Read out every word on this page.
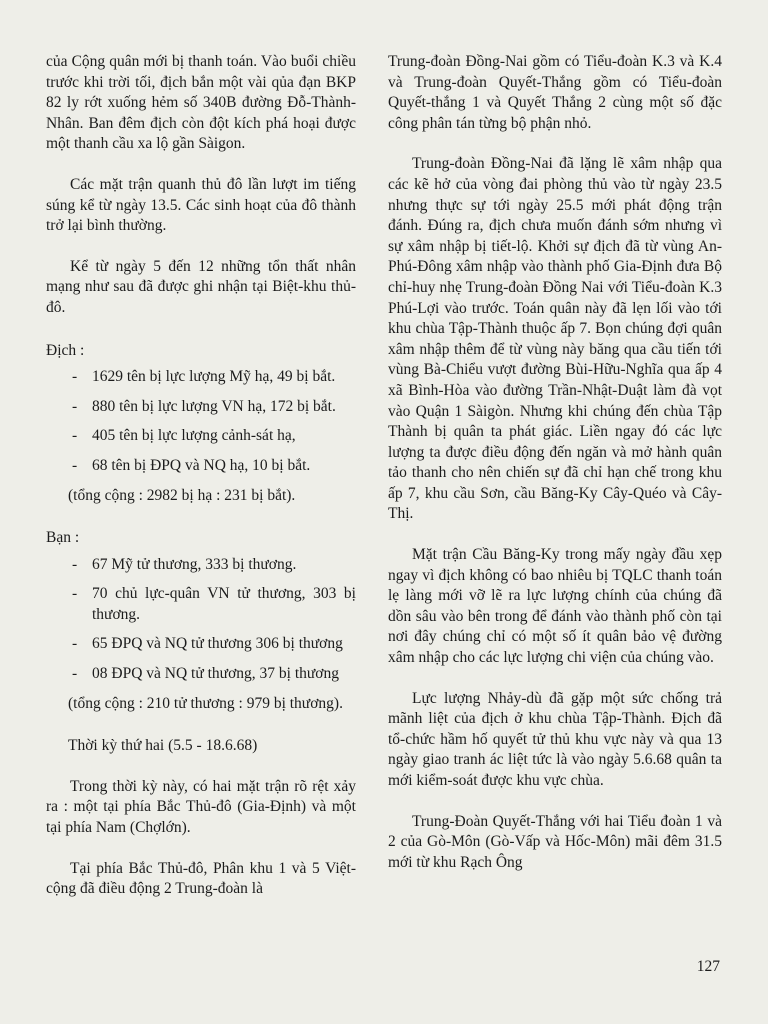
của Cộng quân mới bị thanh toán. Vào buổi chiều trước khi trời tối, địch bắn một vài qủa đạn BKP 82 ly rớt xuống hẻm số 340B đường Đỗ-Thành-Nhân. Ban đêm địch còn đột kích phá hoại được một thanh cầu xa lộ gần Sàigon.

Các mặt trận quanh thủ đô lần lượt im tiếng súng kể từ ngày 13.5. Các sinh hoạt của đô thành trở lại bình thường.

Kể từ ngày 5 đến 12 những tổn thất nhân mạng như sau đã được ghi nhận tại Biệt-khu thủ-đô.

Địch :

- 1629 tên bị lực lượng Mỹ hạ, 49 bị bắt.
- 880 tên bị lực lượng VN hạ, 172 bị bắt.
- 405 tên bị lực lượng cảnh-sát hạ,
- 68 tên bị ĐPQ và NQ hạ, 10 bị bắt.

(tổng cộng : 2982 bị hạ : 231 bị bắt).

Bạn :

- 67 Mỹ tử thương, 333 bị thương.
- 70 chủ lực-quân VN tử thương, 303 bị thương.
- 65 ĐPQ và NQ tử thương 306 bị thương
- 08 ĐPQ và NQ tử thương, 37 bị thương

(tổng cộng : 210 tử thương : 979 bị thương).

Thời kỳ thứ hai (5.5 - 18.6.68)

Trong thời kỳ này, có hai mặt trận rõ rệt xảy ra : một tại phía Bắc Thủ-đô (Gia-Định) và một tại phía Nam (Chợlớn).

Tại phía Bắc Thủ-đô, Phân khu 1 và 5 Việt-cộng đã điều động 2 Trung-đoàn là

Trung-đoàn Đồng-Nai gồm có Tiểu-đoàn K.3 và K.4 và Trung-đoàn Quyết-Thắng gồm có Tiểu-đoàn Quyết-thắng 1 và Quyết Thắng 2 cùng một số đặc công phân tán từng bộ phận nhỏ.

Trung-đoàn Đồng-Nai đã lặng lẽ xâm nhập qua các kẽ hở của vòng đai phòng thủ vào từ ngày 23.5 nhưng thực sự tới ngày 25.5 mới phát động trận đánh. Đúng ra, địch chưa muốn đánh sớm nhưng vì sự xâm nhập bị tiết-lộ. Khởi sự địch đã từ vùng An-Phú-Đông xâm nhập vào thành phố Gia-Định đưa Bộ chỉ-huy nhẹ Trung-đoàn Đồng Nai với Tiểu-đoàn K.3 Phú-Lợi vào trước. Toán quân này đã lẹn lối vào tới khu chùa Tập-Thành thuộc ấp 7. Bọn chúng đợi quân xâm nhập thêm để từ vùng này băng qua cầu tiến tới vùng Bà-Chiểu vượt đường Bùi-Hữu-Nghĩa qua ấp 4 xã Bình-Hòa vào đường Trần-Nhật-Duật làm đà vọt vào Quận 1 Sàigòn. Nhưng khi chúng đến chùa Tập Thành bị quân ta phát giác. Liền ngay đó các lực lượng ta được điều động đến ngăn và mở hành quân tảo thanh cho nên chiến sự đã chỉ hạn chế trong khu ấp 7, khu cầu Sơn, cầu Băng-Ky Cây-Quéo và Cây-Thị.

Mặt trận Cầu Băng-Ky trong mấy ngày đầu xẹp ngay vì địch không có bao nhiêu bị TQLC thanh toán lẹ làng mới vỡ lẽ ra lực lượng chính của chúng đã dồn sâu vào bên trong để đánh vào thành phố còn tại nơi đây chúng chỉ có một số ít quân bảo vệ đường xâm nhập cho các lực lượng chi viện của chúng vào.

Lực lượng Nhảy-dù đã gặp một sức chống trả mãnh liệt của địch ở khu chùa Tập-Thành. Địch đã tổ-chức hầm hố quyết tử thủ khu vực này và qua 13 ngày giao tranh ác liệt tức là vào ngày 5.6.68 quân ta mới kiểm-soát được khu vực chùa.

Trung-Đoàn Quyết-Thắng với hai Tiểu đoàn 1 và 2 của Gò-Môn (Gò-Vấp và Hốc-Môn) mãi đêm 31.5 mới từ khu Rạch Ông

127
